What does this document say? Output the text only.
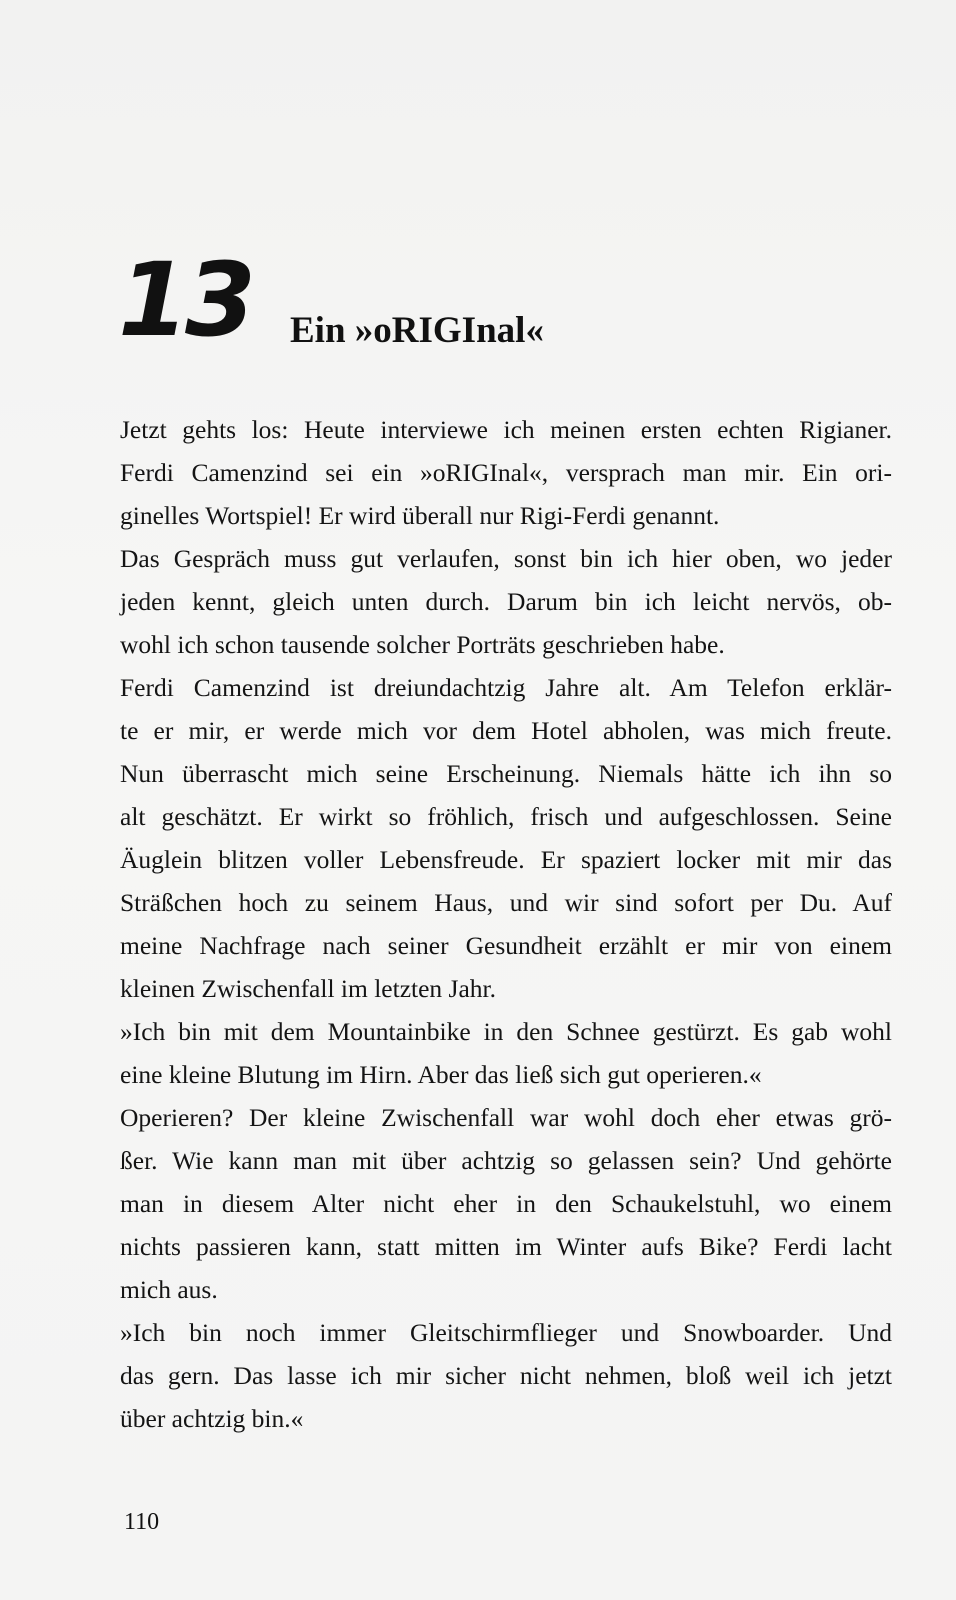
13 Ein »oRIGInal«
Jetzt gehts los: Heute interviewe ich meinen ersten echten Rigianer.
Ferdi Camenzind sei ein »oRIGInal«, versprach man mir. Ein ori-
ginelles Wortspiel! Er wird überall nur Rigi-Ferdi genannt.
Das Gespräch muss gut verlaufen, sonst bin ich hier oben, wo jeder
jeden kennt, gleich unten durch. Darum bin ich leicht nervös, ob-
wohl ich schon tausende solcher Porträts geschrieben habe.
Ferdi Camenzind ist dreiundachtzig Jahre alt. Am Telefon erklär-
te er mir, er werde mich vor dem Hotel abholen, was mich freute.
Nun überrascht mich seine Erscheinung. Niemals hätte ich ihn so
alt geschätzt. Er wirkt so fröhlich, frisch und aufgeschlossen. Seine
Äuglein blitzen voller Lebensfreude. Er spaziert locker mit mir das
Sträßchen hoch zu seinem Haus, und wir sind sofort per Du. Auf
meine Nachfrage nach seiner Gesundheit erzählt er mir von einem
kleinen Zwischenfall im letzten Jahr.
»Ich bin mit dem Mountainbike in den Schnee gestürzt. Es gab wohl
eine kleine Blutung im Hirn. Aber das ließ sich gut operieren.«
Operieren? Der kleine Zwischenfall war wohl doch eher etwas grö-
ßer. Wie kann man mit über achtzig so gelassen sein? Und gehörte
man in diesem Alter nicht eher in den Schaukelstuhl, wo einem
nichts passieren kann, statt mitten im Winter aufs Bike? Ferdi lacht
mich aus.
»Ich bin noch immer Gleitschirmflieger und Snowboarder. Und
das gern. Das lasse ich mir sicher nicht nehmen, bloß weil ich jetzt
über achtzig bin.«
110
